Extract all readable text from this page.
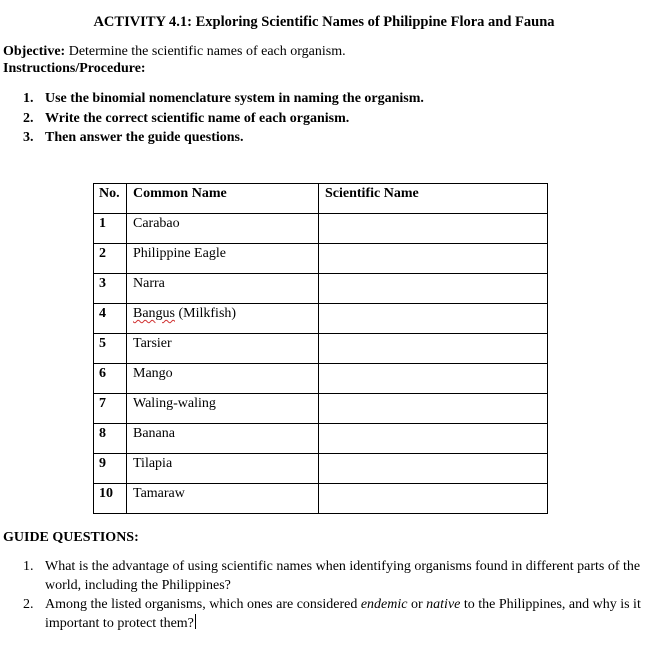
ACTIVITY 4.1: Exploring Scientific Names of Philippine Flora and Fauna
Objective: Determine the scientific names of each organism.
Instructions/Procedure:
1. Use the binomial nomenclature system in naming the organism.
2. Write the correct scientific name of each organism.
3. Then answer the guide questions.
No.	Common Name	Scientific Name
1	Carabao	
2	Philippine Eagle	
3	Narra	
4	Bangus (Milkfish)	
5	Tarsier	
6	Mango	
7	Waling-waling	
8	Banana	
9	Tilapia	
10	Tamaraw	
GUIDE QUESTIONS:
1. What is the advantage of using scientific names when identifying organisms found in different parts of the world, including the Philippines?
2. Among the listed organisms, which ones are considered endemic or native to the Philippines, and why is it important to protect them?
